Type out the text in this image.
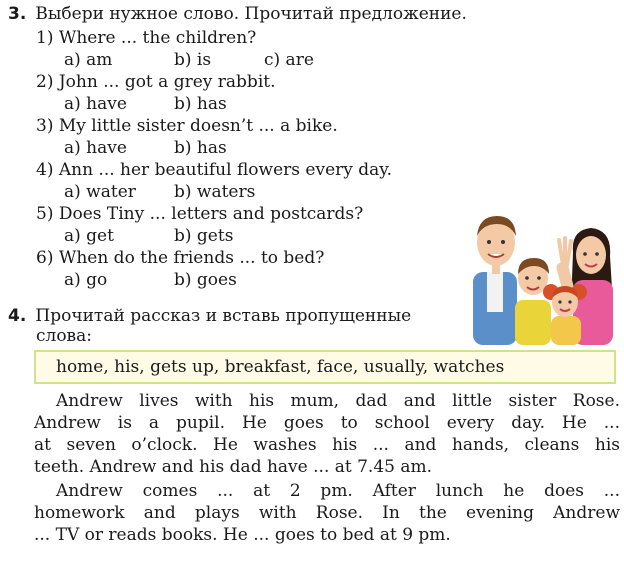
3. Выбери нужное слово. Прочитай предложение.
1) Where ... the children?
a) am	b) is	c) are
2) John ... got a grey rabbit.
a) have	b) has
3) My little sister doesn’t ... a bike.
a) have	b) has
4) Ann ... her beautiful flowers every day.
a) water b) waters
5) Does Tiny ... letters and postcards?
a) get	b) gets
6) When do the friends ... to bed?
a) go	b) goes
4. Прочитай рассказ и вставь пропущенные
слова:
home, his, gets up, breakfast, face, usually, watches
Andrew lives with his mum, dad and little sister Rose.
Andrew is a pupil. He goes to school every day. He ...
at seven o’clock. He washes his ... and hands, cleans his
teeth. Andrew and his dad have ... at 7.45 am.
Andrew comes ... at 2 pm. After lunch he does ...
homework and plays with Rose. In the evening Andrew
... TV or reads books. He ... goes to bed at 9 pm.
